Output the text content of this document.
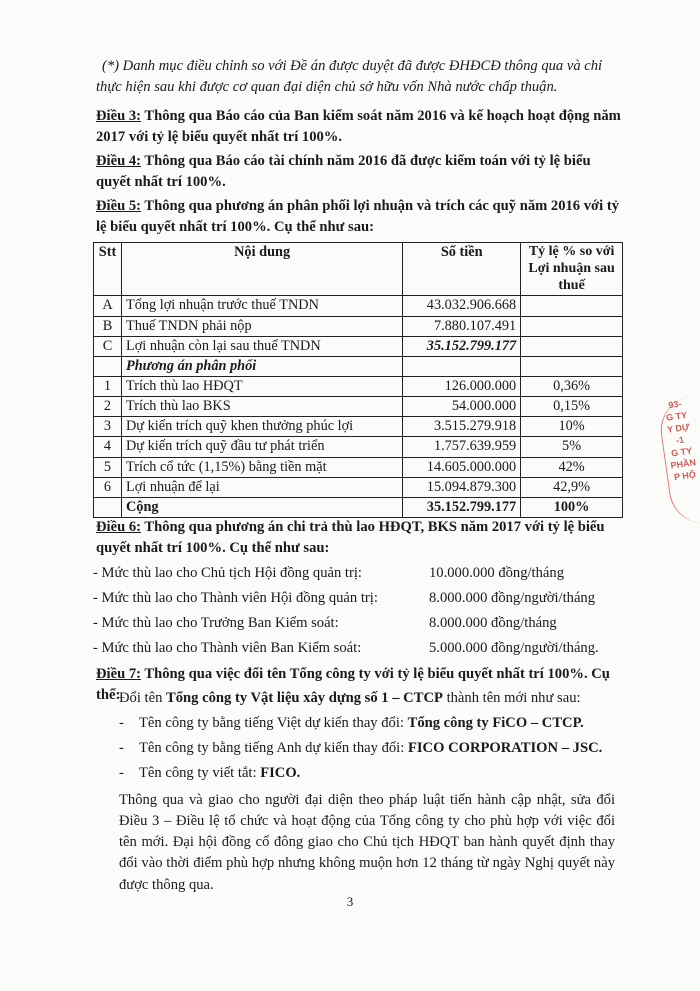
(*) Danh mục điều chỉnh so với Đề án được duyệt đã được ĐHĐCĐ thông qua và chỉ thực hiện sau khi được cơ quan đại diện chủ sở hữu vốn Nhà nước chấp thuận.
Điều 3: Thông qua Báo cáo của Ban kiểm soát năm 2016 và kế hoạch hoạt động năm 2017 với tỷ lệ biểu quyết nhất trí 100%.
Điều 4: Thông qua Báo cáo tài chính năm 2016 đã được kiểm toán với tỷ lệ biểu quyết nhất trí 100%.
Điều 5: Thông qua phương án phân phối lợi nhuận và trích các quỹ năm 2016 với tỷ lệ biểu quyết nhất trí 100%. Cụ thể như sau:
Stt	Nội dung	Số tiền	Tỷ lệ % so với Lợi nhuận sau thuế
A	Tổng lợi nhuận trước thuế TNDN	43.032.906.668	
B	Thuế TNDN phải nộp	7.880.107.491	
C	Lợi nhuận còn lại sau thuế TNDN	35.152.799.177	
	Phương án phân phối		
1	Trích thù lao HĐQT	126.000.000	0,36%
2	Trích thù lao BKS	54.000.000	0,15%
3	Dự kiến trích quỹ khen thưởng phúc lợi	3.515.279.918	10%
4	Dự kiến trích quỹ đầu tư phát triển	1.757.639.959	5%
5	Trích cổ tức (1,15%) bằng tiền mặt	14.605.000.000	42%
6	Lợi nhuận để lại	15.094.879.300	42,9%
	Cộng	35.152.799.177	100%
Điều 6: Thông qua phương án chi trả thù lao HĐQT, BKS năm 2017 với tỷ lệ biểu quyết nhất trí 100%. Cụ thể như sau:
- Mức thù lao cho Chủ tịch Hội đồng quản trị:	10.000.000 đồng/tháng
- Mức thù lao cho Thành viên Hội đồng quản trị:	8.000.000 đồng/người/tháng
- Mức thù lao cho Trưởng Ban Kiểm soát:	8.000.000 đồng/tháng
- Mức thù lao cho Thành viên Ban Kiểm soát:	5.000.000 đồng/người/tháng.
Điều 7: Thông qua việc đổi tên Tổng công ty với tỷ lệ biểu quyết nhất trí 100%. Cụ thể:
Đổi tên Tổng công ty Vật liệu xây dựng số 1 – CTCP thành tên mới như sau:
- Tên công ty bằng tiếng Việt dự kiến thay đổi: Tổng công ty FiCO – CTCP.
- Tên công ty bằng tiếng Anh dự kiến thay đổi: FICO CORPORATION – JSC.
- Tên công ty viết tắt: FICO.
Thông qua và giao cho người đại diện theo pháp luật tiến hành cập nhật, sửa đổi Điều 3 – Điều lệ tổ chức và hoạt động của Tổng công ty cho phù hợp với việc đổi tên mới. Đại hội đồng cổ đông giao cho Chủ tịch HĐQT ban hành quyết định thay đổi vào thời điểm phù hợp nhưng không muộn hơn 12 tháng từ ngày Nghị quyết này được thông qua.
3
93-
G TY
Y DỰ
-1
G TY
PHẦN
P HỘ
